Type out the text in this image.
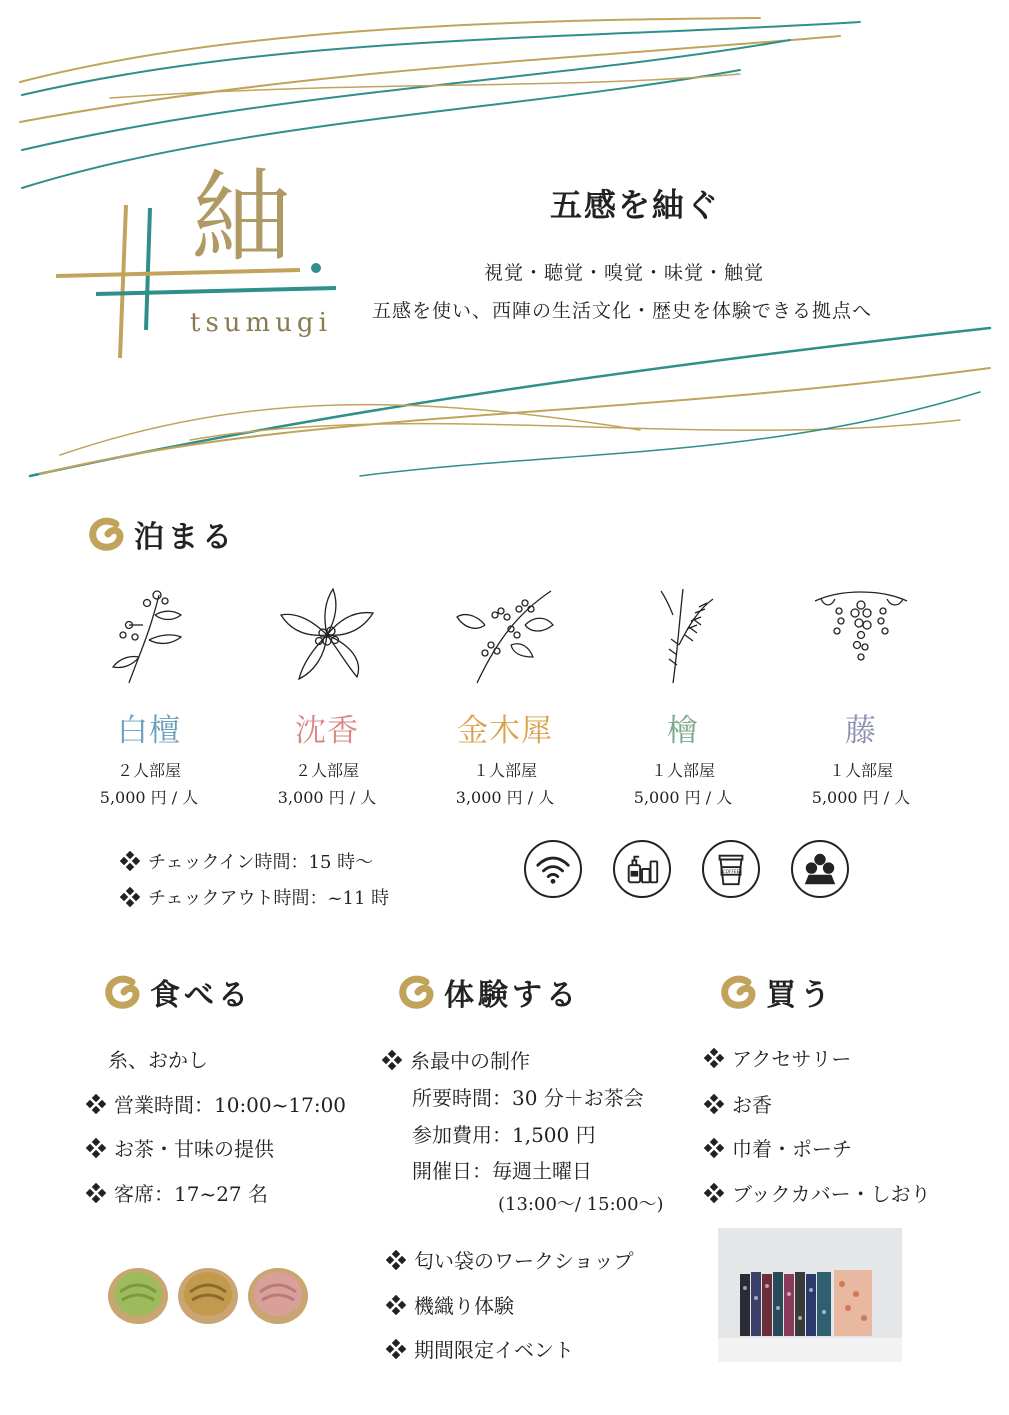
紬
tsumugi
五感を紬ぐ
視覚・聴覚・嗅覚・味覚・触覚
五感を使い、西陣の生活文化・歴史を体験できる拠点へ
泊まる
白檀
２人部屋
5,000 円 / 人
沈香
２人部屋
3,000 円 / 人
金木犀
１人部屋
3,000 円 / 人
檜
１人部屋
5,000 円 / 人
藤
１人部屋
5,000 円 / 人
チェックイン時間：15 時～
チェックアウト時間：~11 時
COFFEE
食べる
糸、おかし
営業時間：10:00~17:00
お茶・甘味の提供
客席：17~27 名
体験する
糸最中の制作
所要時間：30 分＋お茶会
参加費用：1,500 円
開催日：毎週土曜日
(13:00～/ 15:00～)
匂い袋のワークショップ
機織り体験
期間限定イベント
買う
アクセサリー
お香
巾着・ポーチ
ブックカバー・しおり
